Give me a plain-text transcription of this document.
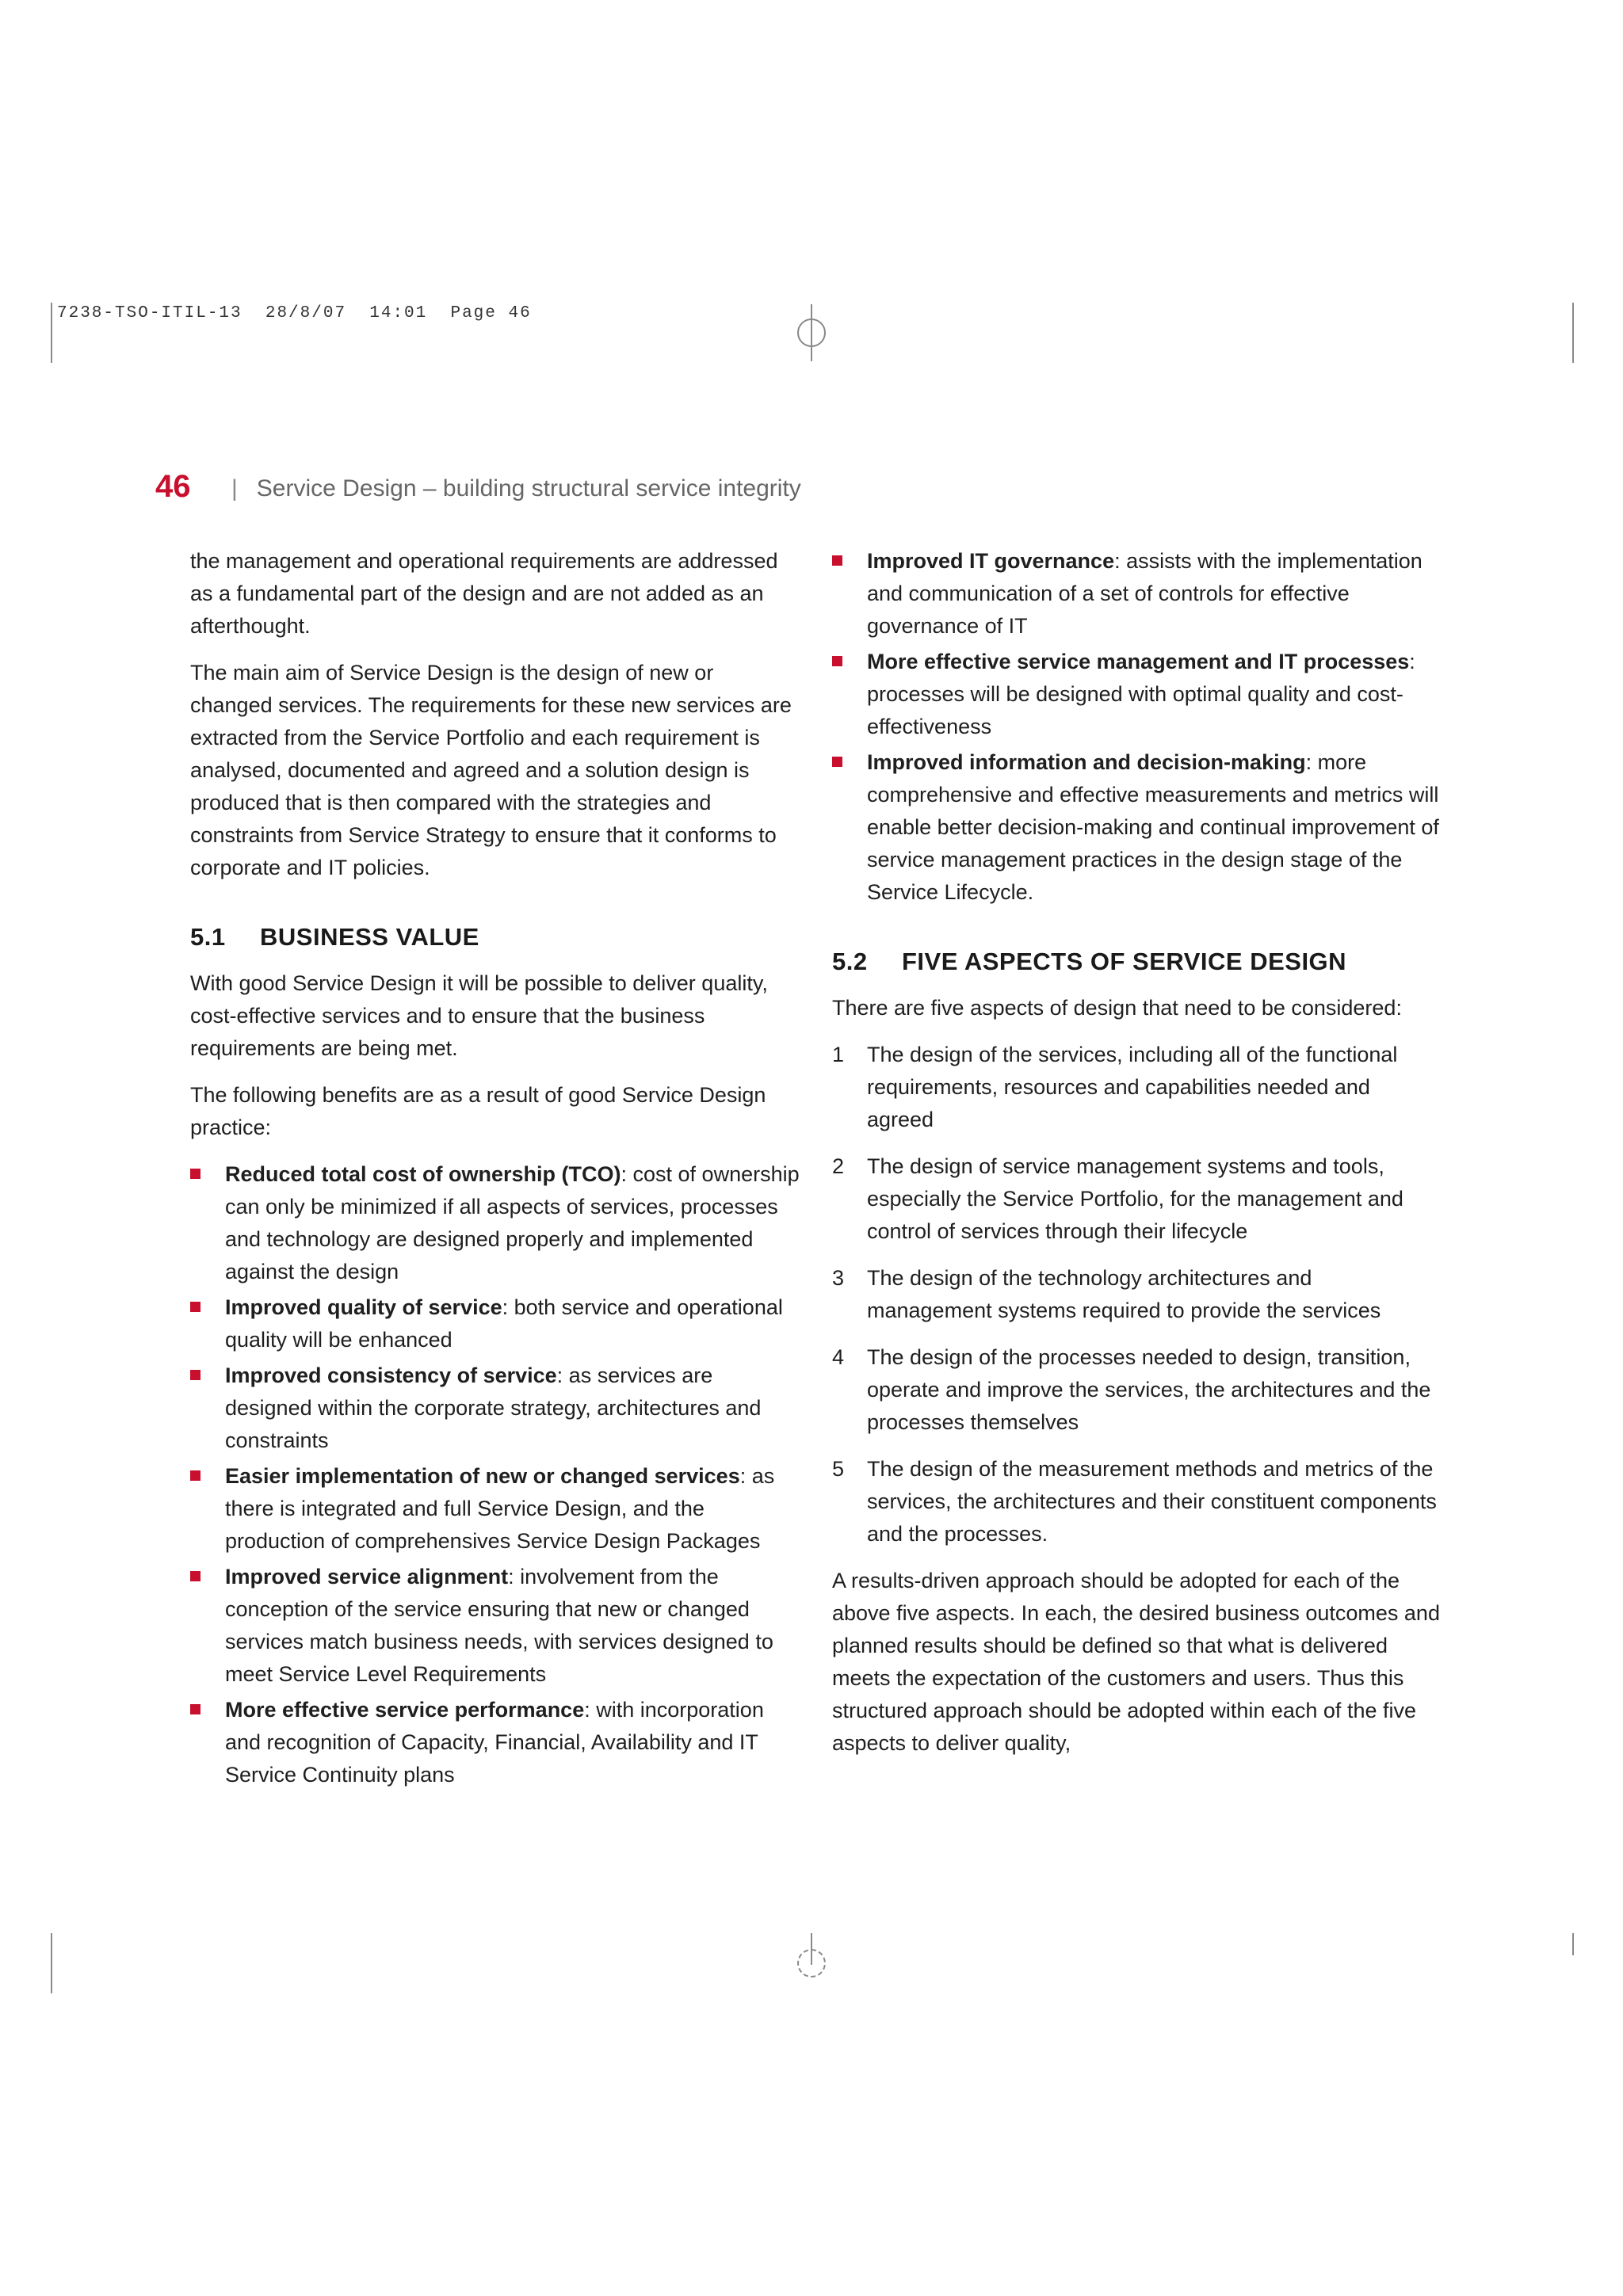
7238-TSO-ITIL-13  28/8/07  14:01  Page 46
46 | Service Design – building structural service integrity

the management and operational requirements are addressed as a fundamental part of the design and are not added as an afterthought.

The main aim of Service Design is the design of new or changed services. The requirements for these new services are extracted from the Service Portfolio and each requirement is analysed, documented and agreed and a solution design is produced that is then compared with the strategies and constraints from Service Strategy to ensure that it conforms to corporate and IT policies.

5.1 BUSINESS VALUE

With good Service Design it will be possible to deliver quality, cost-effective services and to ensure that the business requirements are being met.

The following benefits are as a result of good Service Design practice:

Reduced total cost of ownership (TCO): cost of ownership can only be minimized if all aspects of services, processes and technology are designed properly and implemented against the design
Improved quality of service: both service and operational quality will be enhanced
Improved consistency of service: as services are designed within the corporate strategy, architectures and constraints
Easier implementation of new or changed services: as there is integrated and full Service Design, and the production of comprehensives Service Design Packages
Improved service alignment: involvement from the conception of the service ensuring that new or changed services match business needs, with services designed to meet Service Level Requirements
More effective service performance: with incorporation and recognition of Capacity, Financial, Availability and IT Service Continuity plans
Improved IT governance: assists with the implementation and communication of a set of controls for effective governance of IT
More effective service management and IT processes: processes will be designed with optimal quality and cost-effectiveness
Improved information and decision-making: more comprehensive and effective measurements and metrics will enable better decision-making and continual improvement of service management practices in the design stage of the Service Lifecycle.
5.2 FIVE ASPECTS OF SERVICE DESIGN

There are five aspects of design that need to be considered:

1 The design of the services, including all of the functional requirements, resources and capabilities needed and agreed
2 The design of service management systems and tools, especially the Service Portfolio, for the management and control of services through their lifecycle
3 The design of the technology architectures and management systems required to provide the services
4 The design of the processes needed to design, transition, operate and improve the services, the architectures and the processes themselves
5 The design of the measurement methods and metrics of the services, the architectures and their constituent components and the processes.

A results-driven approach should be adopted for each of the above five aspects. In each, the desired business outcomes and planned results should be defined so that what is delivered meets the expectation of the customers and users. Thus this structured approach should be adopted within each of the five aspects to deliver quality,
